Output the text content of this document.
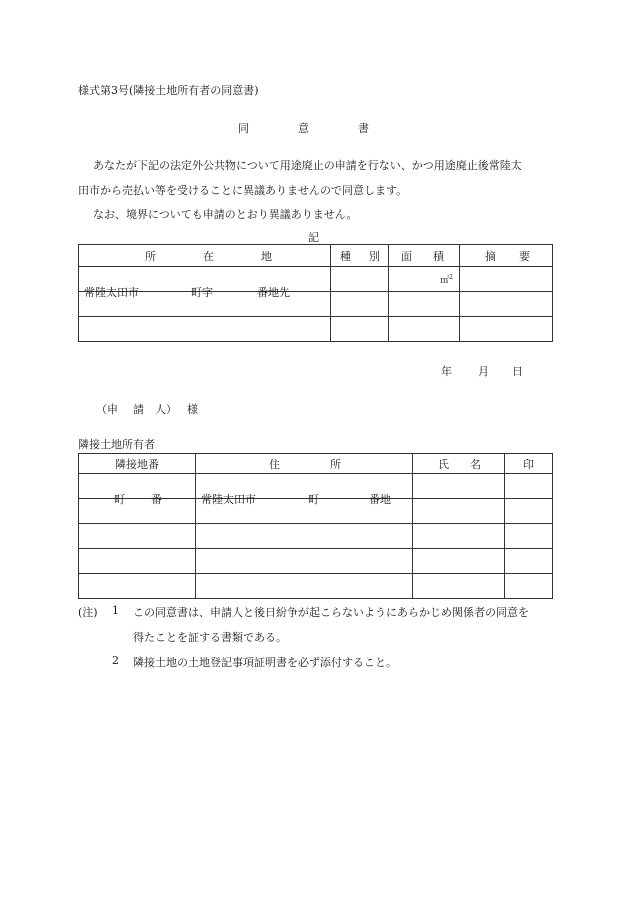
様式第3号(隣接土地所有者の同意書)
同　　　　意　　　　書
あなたが下記の法定外公共物について用途廃止の申請を行ない、かつ用途廃止後常陸太
田市から売払い等を受けることに異議ありませんので同意します。
なお、境界についても申請のとおり異議ありません。
記
所 在 地	種 別	面 積	摘 要

常陸太田市 町字 番地先		㎡$^2$

年 月 日
（申 請 人） 様
隣接土地所有者
隣接地番	住 所	氏 名	印

町 番	常陸太田市 町 番地		

(注) 1 この同意書は、申請人と後日紛争が起こらないようにあらかじめ関係者の同意を
得たことを証する書類である。
2 隣接土地の土地登記事項証明書を必ず添付すること。
